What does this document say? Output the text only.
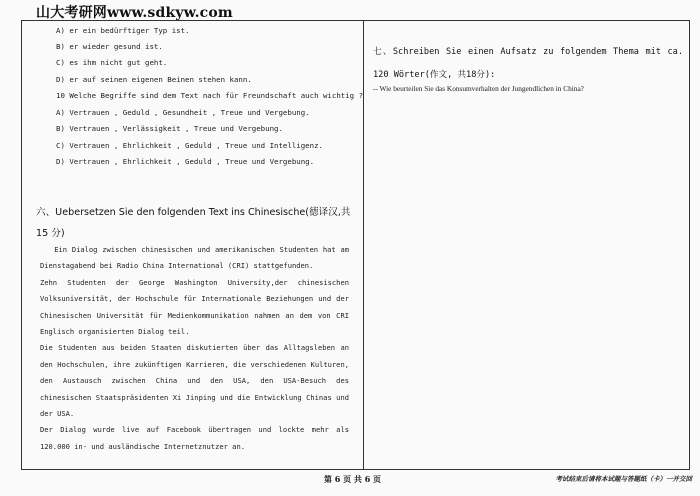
山大考研网www.sdkyw.com
A) er ein bedürftiger Typ ist.
B) er wieder gesund ist.
C) es ihm nicht gut geht.
D) er auf seinen eigenen Beinen stehen kann.
10 Welche Begriffe sind dem Text nach für Freundschaft auch wichtig ?
A) Vertrauen , Geduld , Gesundheit , Treue und Vergebung.
B) Vertrauen , Verlässigkeit , Treue und Vergebung.
C) Vertrauen , Ehrlichkeit , Geduld , Treue und Intelligenz.
D) Vertrauen , Ehrlichkeit , Geduld , Treue und Vergebung.
六、Uebersetzen Sie den folgenden Text ins Chinesische(德译汉,共
15 分)

Ein Dialog zwischen chinesischen und amerikanischen Studenten hat am Dienstagabend bei Radio China International (CRI) stattgefunden.

Zehn Studenten der George Washington University,der chinesischen Volksuniversität, der Hochschule für Internationale Beziehungen und der Chinesischen Universität für Medienkommunikation nahmen an dem von CRI Englisch organisierten Dialog teil.

Die Studenten aus beiden Staaten diskutierten über das Alltagsleben an den Hochschulen, ihre zukünftigen Karrieren, die verschiedenen Kulturen, den Austausch zwischen China und den USA, den USA-Besuch des chinesischen Staatspräsidenten Xi Jinping und die Entwicklung Chinas und der USA.

Der Dialog wurde live auf Facebook übertragen und lockte mehr als 120.000 in- und ausländische Internetznutzer an.

七、Schreiben Sie einen Aufsatz zu folgendem Thema mit ca. 120 Wörter(作文, 共18分):
-- Wie beurteilen Sie das Konsumverhalten der Jungendlichen in China?
第 6 页 共 6 页	考试结束后请将本试题与答题纸（卡）一并交回
